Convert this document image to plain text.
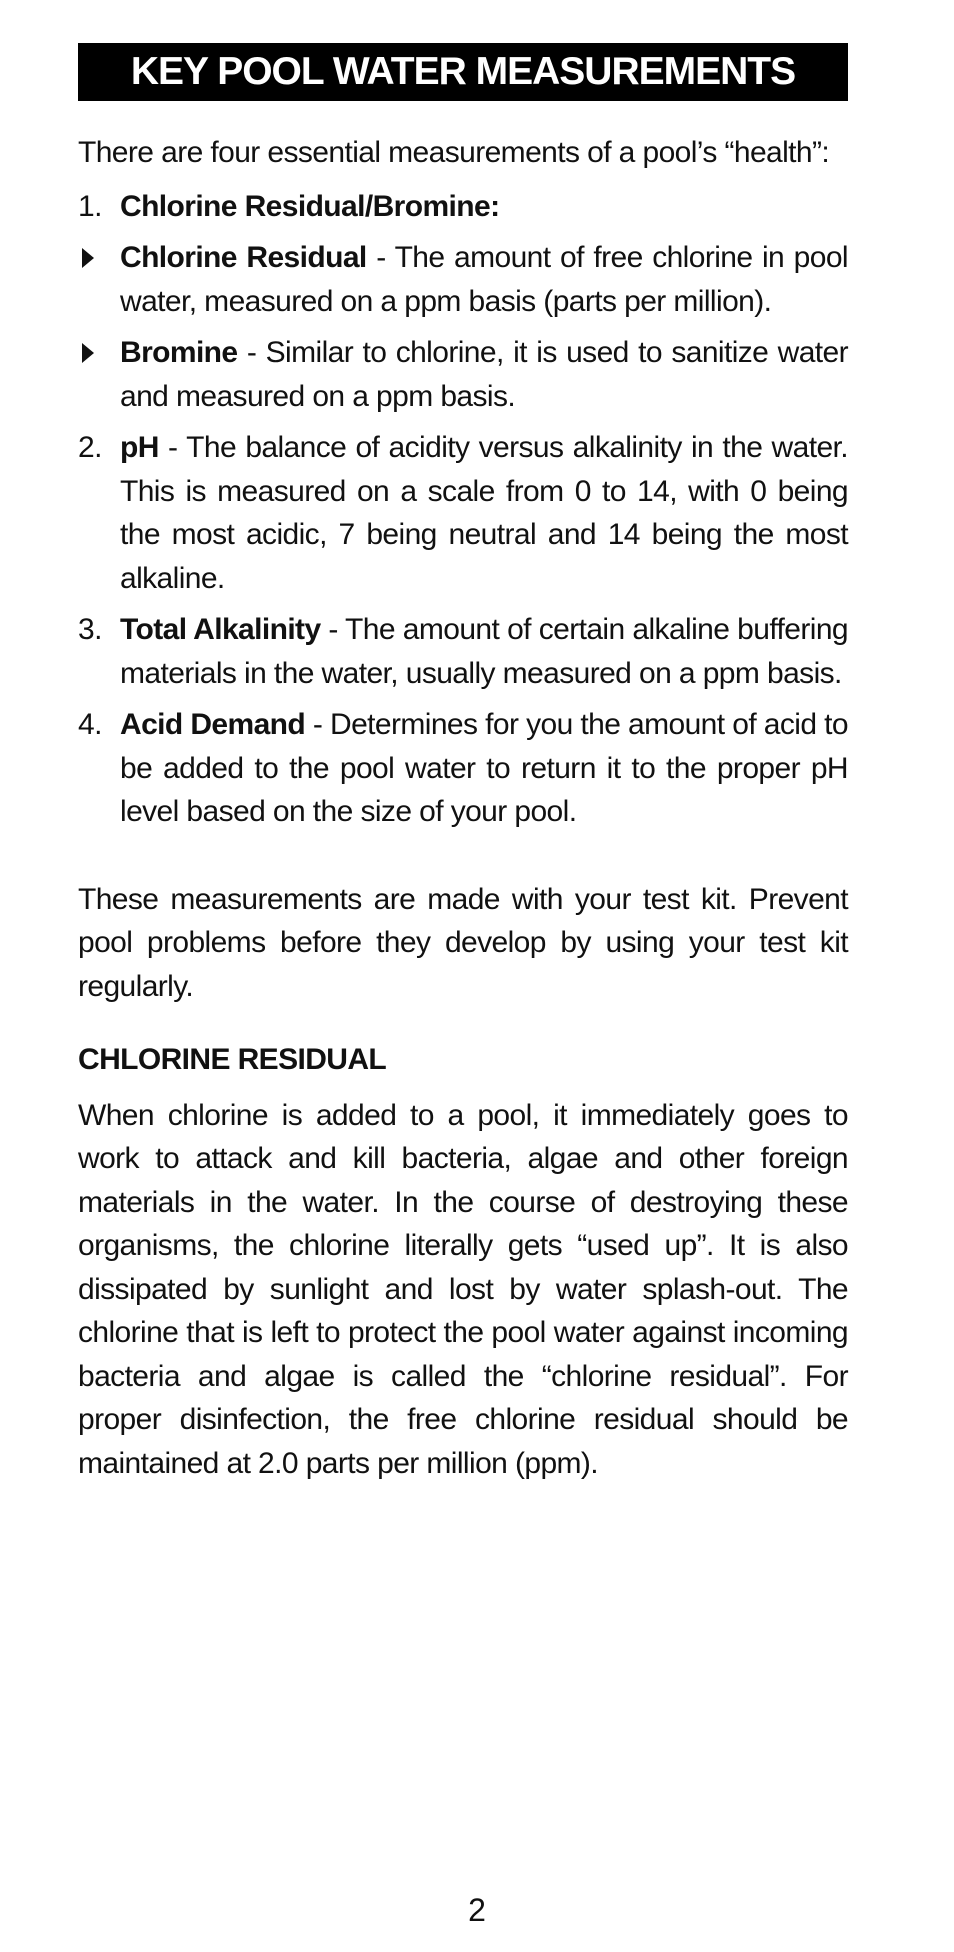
KEY POOL WATER MEASUREMENTS

There are four essential measurements of a pool’s “health”:

1. Chlorine Residual/Bromine:
Chlorine Residual - The amount of free chlorine in pool water, measured on a ppm basis (parts per million).
Bromine - Similar to chlorine, it is used to sanitize water and measured on a ppm basis.
2. pH - The balance of acidity versus alkalinity in the water. This is measured on a scale from 0 to 14, with 0 being the most acidic, 7 being neutral and 14 being the most alkaline.
3. Total Alkalinity - The amount of certain alkaline buffering materials in the water, usually measured on a ppm basis.
4. Acid Demand - Determines for you the amount of acid to be added to the pool water to return it to the proper pH level based on the size of your pool.

These measurements are made with your test kit. Prevent pool problems before they develop by using your test kit regularly.

CHLORINE RESIDUAL

When chlorine is added to a pool, it immediately goes to work to attack and kill bacteria, algae and other foreign materials in the water. In the course of destroying these organisms, the chlorine literally gets “used up”. It is also dissipated by sunlight and lost by water splash-out. The chlorine that is left to protect the pool water against incoming bacteria and algae is called the “chlorine residual”. For proper disinfection, the free chlorine residual should be maintained at 2.0 parts per million (ppm).

2
